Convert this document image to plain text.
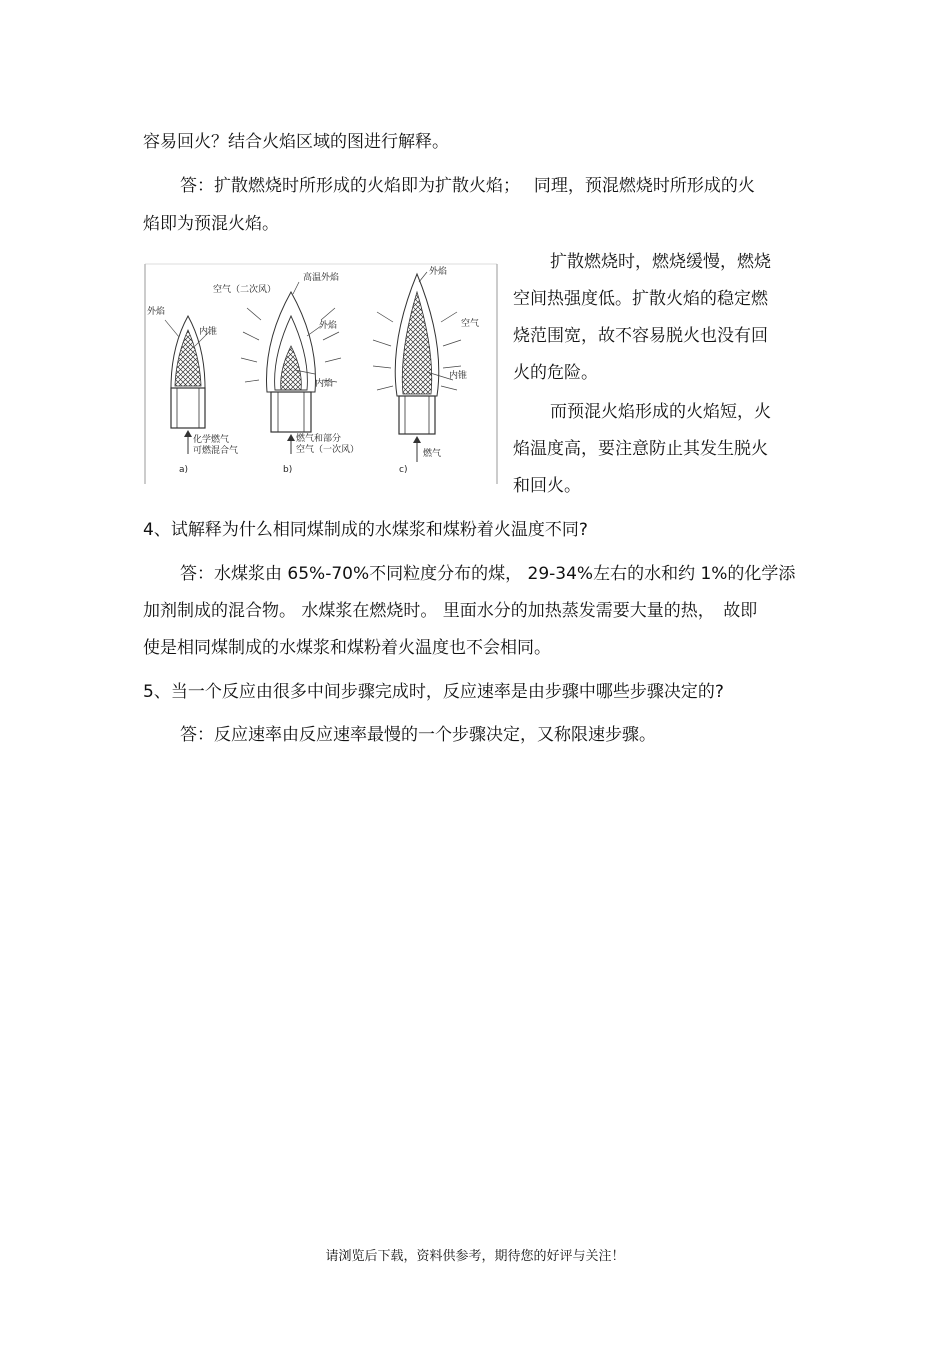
容易回火？结合火焰区域的图进行解释。
答：扩散燃烧时所形成的火焰即为扩散火焰；　 同理，预混燃烧时所形成的火
焰即为预混火焰。
扩散燃烧时，燃烧缓慢，燃烧
空间热强度低。扩散火焰的稳定燃
烧范围宽，故不容易脱火也没有回
火的危险。
而预混火焰形成的火焰短，火
焰温度高，要注意防止其发生脱火
和回火。
外焰
内锥
化学燃气
可燃混合气
a)
空气（二次风）
高温外焰
外焰
内焰
燃气和部分
空气（一次风）
b)
外焰
空气
内锥
燃气
c)
4、试解释为什么相同煤制成的水煤浆和煤粉着火温度不同?
答：水煤浆由 65%-70%不同粒度分布的煤， 29-34%左右的水和约 1%的化学添
加剂制成的混合物。 水煤浆在燃烧时。 里面水分的加热蒸发需要大量的热，　故即
使是相同煤制成的水煤浆和煤粉着火温度也不会相同。
5、当一个反应由很多中间步骤完成时，反应速率是由步骤中哪些步骤决定的?
答：反应速率由反应速率最慢的一个步骤决定，又称限速步骤。
请浏览后下载，资料供参考，期待您的好评与关注！
